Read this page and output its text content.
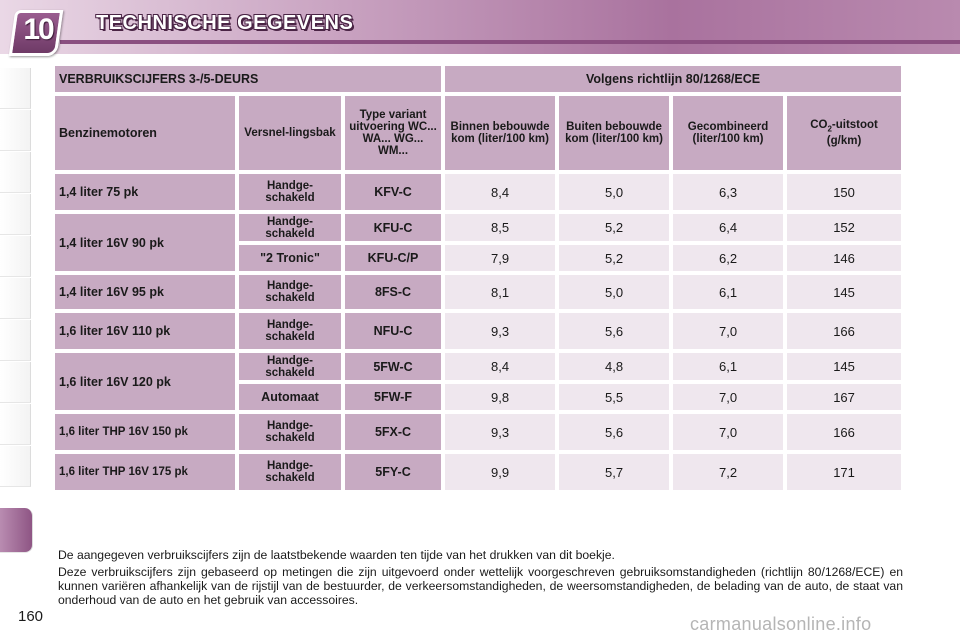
10 TECHNISCHE GEGEVENS
VERBRUIKSCIJFERS 3-/5-DEURS			Volgens richtlijn 80/1268/ECE			
Benzinemotoren	Versnel-lingsbak	Type variant uitvoering WC... WA... WG... WM...	Binnen bebouwde kom (liter/100 km)	Buiten bebouwde kom (liter/100 km)	Gecombineerd (liter/100 km)	$CO_2$-uitstoot
(g/km)
1,4 liter 75 pk	Handge-schakeld	KFV-C	8,4	5,0	6,3	150
1,4 liter 16V 90 pk	Handge-schakeld	KFU-C	8,5	5,2	6,4	152
	"2 Tronic"	KFU-C/P	7,9	5,2	6,2	146
1,4 liter 16V 95 pk	Handge-schakeld	8FS-C	8,1	5,0	6,1	145
1,6 liter 16V 110 pk	Handge-schakeld	NFU-C	9,3	5,6	7,0	166
1,6 liter 16V 120 pk	Handge-schakeld	5FW-C	8,4	4,8	6,1	145
	Automaat	5FW-F	9,8	5,5	7,0	167
1,6 liter THP 16V 150 pk	Handge-schakeld	5FX-C	9,3	5,6	7,0	166
1,6 liter THP 16V 175 pk	Handge-schakeld	5FY-C	9,9	5,7	7,2	171

De aangegeven verbruikscijfers zijn de laatstbekende waarden ten tijde van het drukken van dit boekje.

Deze verbruikscijfers zijn gebaseerd op metingen die zijn uitgevoerd onder wettelijk voorgeschreven gebruiksomstandigheden (richtlijn 80/1268/ECE) en kunnen variëren afhankelijk van de rijstijl van de bestuurder, de verkeersomstandigheden, de weersomstandigheden, de belading van de auto, de staat van onderhoud van de auto en het gebruik van accessoires.

160	carmanualsonline.info
